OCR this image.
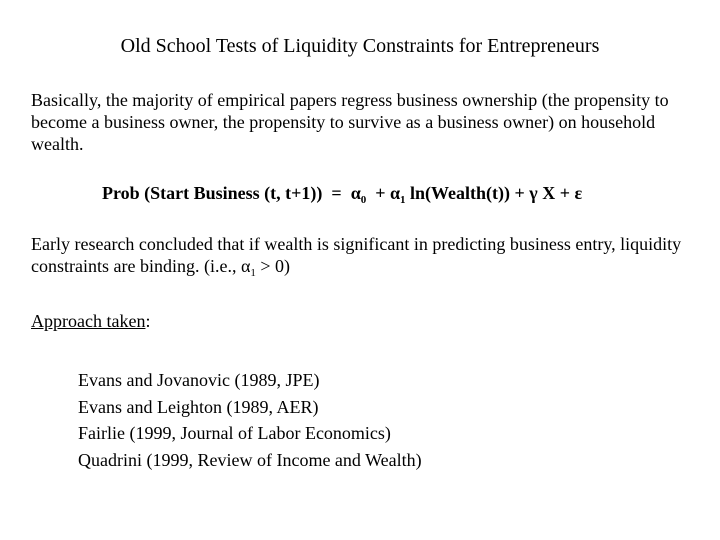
Old School Tests of Liquidity Constraints for Entrepreneurs
Basically, the majority of empirical papers regress business ownership (the propensity to become a business owner, the propensity to survive as a business owner) on household wealth.
Prob (Start Business (t, $t+1)) = \alpha_0 + \alpha_1$ ln(Wealth(t)) + γ X + ε
Early research concluded that if wealth is significant in predicting business entry, liquidity constraints are binding. (i.e., $\alpha_1 > 0$)
Approach taken:
Evans and Jovanovic (1989, JPE)
Evans and Leighton (1989, AER)
Fairlie (1999, Journal of Labor Economics)
Quadrini (1999, Review of Income and Wealth)
